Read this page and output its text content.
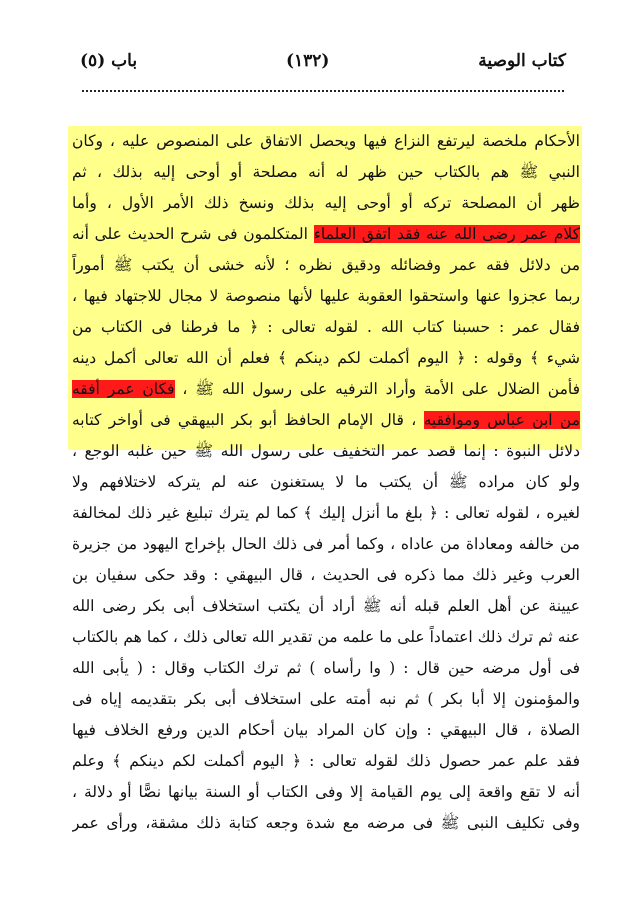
كتاب الوصية
(١٣٢)
باب (٥)
الأحكام ملخصة ليرتفع النزاع فيها ويحصل الاتفاق على المنصوص عليه ، وكان
النبي ﷺ هم بالكتاب حين ظهر له أنه مصلحة أو أوحى إليه بذلك ، ثم
ظهر أن المصلحة تركه أو أوحى إليه بذلك ونسخ ذلك الأمر الأول ، وأما
كلام عمر رضى الله عنه فقد اتفق العلماء المتكلمون فى شرح الحديث على أنه
من دلائل فقه عمر وفضائله ودقيق نظره ؛ لأنه خشى أن يكتب ﷺ أموراً
ربما عجزوا عنها واستحقوا العقوبة عليها لأنها منصوصة لا مجال للاجتهاد فيها ،
فقال عمر : حسبنا كتاب الله . لقوله تعالى : ﴿ ما فرطنا فى الكتاب من
شيء ﴾ وقوله : ﴿ اليوم أكملت لكم دينكم ﴾ فعلم أن الله تعالى أكمل دينه
فأمن الضلال على الأمة وأراد الترفيه على رسول الله ﷺ ، فكان عمر أفقه
من ابن عباس وموافقيه ، قال الإمام الحافظ أبو بكر البيهقي فى أواخر كتابه
دلائل النبوة : إنما قصد عمر التخفيف على رسول الله ﷺ حين غلبه الوجع ،
ولو كان مراده ﷺ أن يكتب ما لا يستغنون عنه لم يتركه لاختلافهم ولا
لغيره ، لقوله تعالى : ﴿ بلغ ما أنزل إليك ﴾ كما لم يترك تبليغ غير ذلك لمخالفة
من خالفه ومعاداة من عاداه ، وكما أمر فى ذلك الحال بإخراج اليهود من جزيرة
العرب وغير ذلك مما ذكره فى الحديث ، قال البيهقي : وقد حكى سفيان بن
عيينة عن أهل العلم قبله أنه ﷺ أراد أن يكتب استخلاف أبى بكر رضى الله
عنه ثم ترك ذلك اعتماداً على ما علمه من تقدير الله تعالى ذلك ، كما هم بالكتاب
فى أول مرضه حين قال : ( وا رأساه ) ثم ترك الكتاب وقال : ( يأبى الله
والمؤمنون إلا أبا بكر ) ثم نبه أمته على استخلاف أبى بكر بتقديمه إياه فى
الصلاة ، قال البيهقي : وإن كان المراد بيان أحكام الدين ورفع الخلاف فيها
فقد علم عمر حصول ذلك لقوله تعالى : ﴿ اليوم أكملت لكم دينكم ﴾ وعلم
أنه لا تقع واقعة إلى يوم القيامة إلا وفى الكتاب أو السنة بيانها نصًّا أو دلالة ،
وفى تكليف النبى ﷺ فى مرضه مع شدة وجعه كتابة ذلك مشقة، ورأى عمر
